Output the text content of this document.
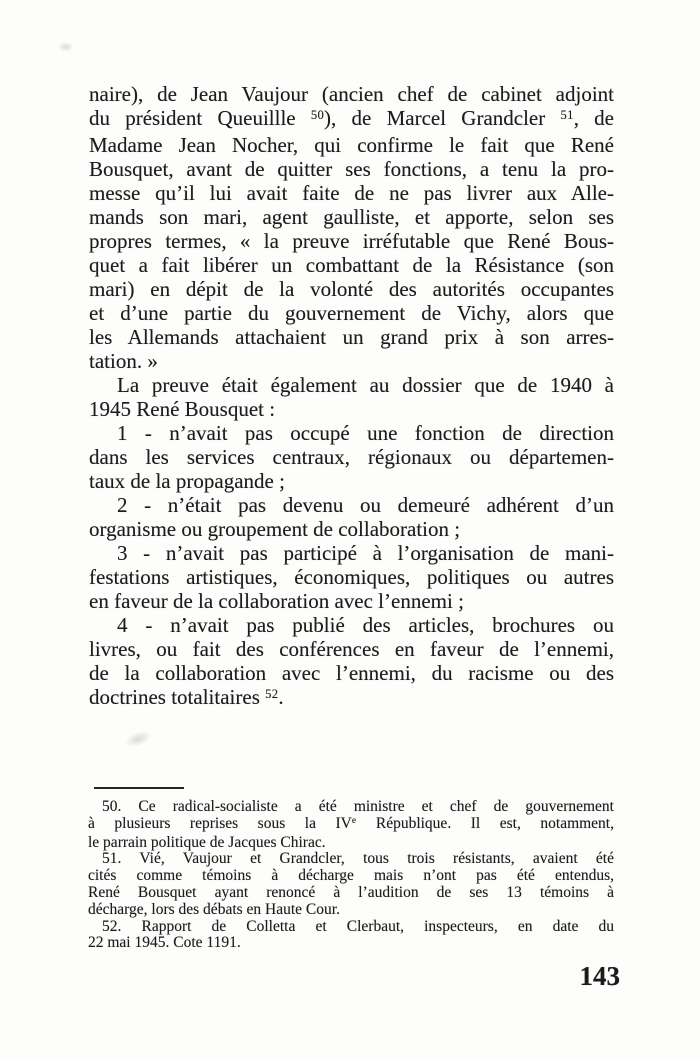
naire), de Jean Vaujour (ancien chef de cabinet adjoint
du président Queuillle $^{50}$), de Marcel Grandcler $^{51}$, de
Madame Jean Nocher, qui confirme le fait que René
Bousquet, avant de quitter ses fonctions, a tenu la pro-
messe qu’il lui avait faite de ne pas livrer aux Alle-
mands son mari, agent gaulliste, et apporte, selon ses
propres termes, « la preuve irréfutable que René Bous-
quet a fait libérer un combattant de la Résistance (son
mari) en dépit de la volonté des autorités occupantes
et d’une partie du gouvernement de Vichy, alors que
les Allemands attachaient un grand prix à son arres-
tation. »
La preuve était également au dossier que de 1940 à
1945 René Bousquet :
1 - n’avait pas occupé une fonction de direction
dans les services centraux, régionaux ou départemen-
taux de la propagande ;
2 - n’était pas devenu ou demeuré adhérent d’un
organisme ou groupement de collaboration ;
3 - n’avait pas participé à l’organisation de mani-
festations artistiques, économiques, politiques ou autres
en faveur de la collaboration avec l’ennemi ;
4 - n’avait pas publié des articles, brochures ou
livres, ou fait des conférences en faveur de l’ennemi,
de la collaboration avec l’ennemi, du racisme ou des
doctrines totalitaires $^{52}$.
50. Ce radical-socialiste a été ministre et chef de gouvernement
à plusieurs reprises sous la IVe République. Il est, notamment,
le parrain politique de Jacques Chirac.
51. Vié, Vaujour et Grandcler, tous trois résistants, avaient été
cités comme témoins à décharge mais n’ont pas été entendus,
René Bousquet ayant renoncé à l’audition de ses 13 témoins à
décharge, lors des débats en Haute Cour.
52. Rapport de Colletta et Clerbaut, inspecteurs, en date du
22 mai 1945. Cote 1191.
143
